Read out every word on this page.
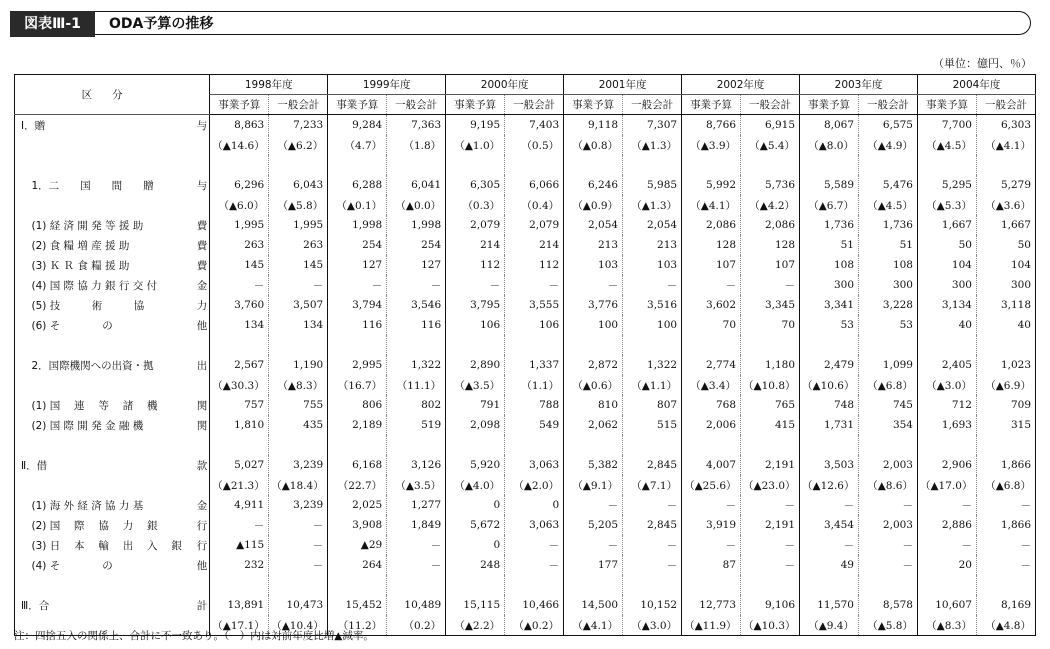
図表Ⅲ-1	ODA予算の推移
（単位：億円、％）
区分	1998年度		1999年度		2000年度		2001年度		2002年度		2003年度		2004年度	
	事業予算	一般会計	事業予算	一般会計	事業予算	一般会計	事業予算	一般会計	事業予算	一般会計	事業予算	一般会計	事業予算	一般会計

Ⅰ．贈 与	8,863	7,233	9,284	7,363	9,195	7,403	9,118	7,307	8,766	6,915	8,067	6,575	7,700	6,303

	（▲14.6）	（▲6.2）	（4.7）	（1.8）	（▲1.0）	（0.5）	（▲0.8）	（▲1.3）	（▲3.9）	（▲5.4）	（▲8.0）	（▲4.9）	（▲4.5）	（▲4.1）

　1．二　　国　　間　　贈 与	6,296	6,043	6,288	6,041	6,305	6,066	6,246	5,985	5,992	5,736	5,589	5,476	5,295	5,279

	（▲6.0）	（▲5.8）	（▲0.1）	（▲0.0）	（0.3）	（0.4）	（▲0.9）	（▲1.3）	（▲4.1）	（▲4.2）	（▲6.7）	（▲4.5）	（▲5.3）	（▲3.6）

　(1) 経 済 開 発 等 援 助 費	1,995	1,995	1,998	1,998	2,079	2,079	2,054	2,054	2,086	2,086	1,736	1,736	1,667	1,667

　(2) 食 糧 増 産 援 助 費	263	263	254	254	214	214	213	213	128	128	51	51	50	50

　(3) Ｋ Ｒ 食 糧 援 助 費	145	145	127	127	112	112	103	103	107	107	108	108	104	104

　(4) 国 際 協 力 銀 行 交 付 金	－	－	－	－	－	－	－	－	－	－	300	300	300	300

　(5) 技　　　術　　　協 力	3,760	3,507	3,794	3,546	3,795	3,555	3,776	3,516	3,602	3,345	3,341	3,228	3,134	3,118

　(6) そ　　　　の 他	134	134	116	116	106	106	100	100	70	70	53	53	40	40

　2．国際機関への出資・拠 出	2,567	1,190	2,995	1,322	2,890	1,337	2,872	1,322	2,774	1,180	2,479	1,099	2,405	1,023

	（▲30.3）	（▲8.3）	（16.7）	（11.1）	（▲3.5）	（1.1）	（▲0.6）	（▲1.1）	（▲3.4）	（▲10.8）	（▲10.6）	（▲6.8）	（▲3.0）	（▲6.9）

　(1) 国　 連 　等 　諸 　機 関	757	755	806	802	791	788	810	807	768	765	748	745	712	709

　(2) 国 際 開 発 金 融 機 関	1,810	435	2,189	519	2,098	549	2,062	515	2,006	415	1,731	354	1,693	315

Ⅱ．借 款	5,027	3,239	6,168	3,126	5,920	3,063	5,382	2,845	4,007	2,191	3,503	2,003	2,906	1,866

	（▲21.3）	（▲18.4）	（22.7）	（▲3.5）	（▲4.0）	（▲2.0）	（▲9.1）	（▲7.1）	（▲25.6）	（▲23.0）	（▲12.6）	（▲8.6）	（▲17.0）	（▲6.8）

　(1) 海 外 経 済 協 力 基 金	4,911	3,239	2,025	1,277	0	0	－	－	－	－	－	－	－	－

　(2) 国　 際 　協 　力 　銀 行	－	－	3,908	1,849	5,672	3,063	5,205	2,845	3,919	2,191	3,454	2,003	2,886	1,866

　(3) 日 　本 　輸 　出 　入 　銀 行	▲115	－	▲29	－	0	－	－	－	－	－	－	－	－	－

　(4) そ　　　　の 他	232	－	264	－	248	－	177	－	87	－	49	－	20	－

Ⅲ．合 計	13,891	10,473	15,452	10,489	15,115	10,466	14,500	10,152	12,773	9,106	11,570	8,578	10,607	8,169

	（▲17.1）	（▲10.4）	（11.2）	（0.2）	（▲2.2）	（▲0.2）	（▲4.1）	（▲3.0）	（▲11.9）	（▲10.3）	（▲9.4）	（▲5.8）	（▲8.3）	（▲4.8）
注：四捨五入の関係上、合計に不一致あり。（　）内は対前年度比増▲減率。
